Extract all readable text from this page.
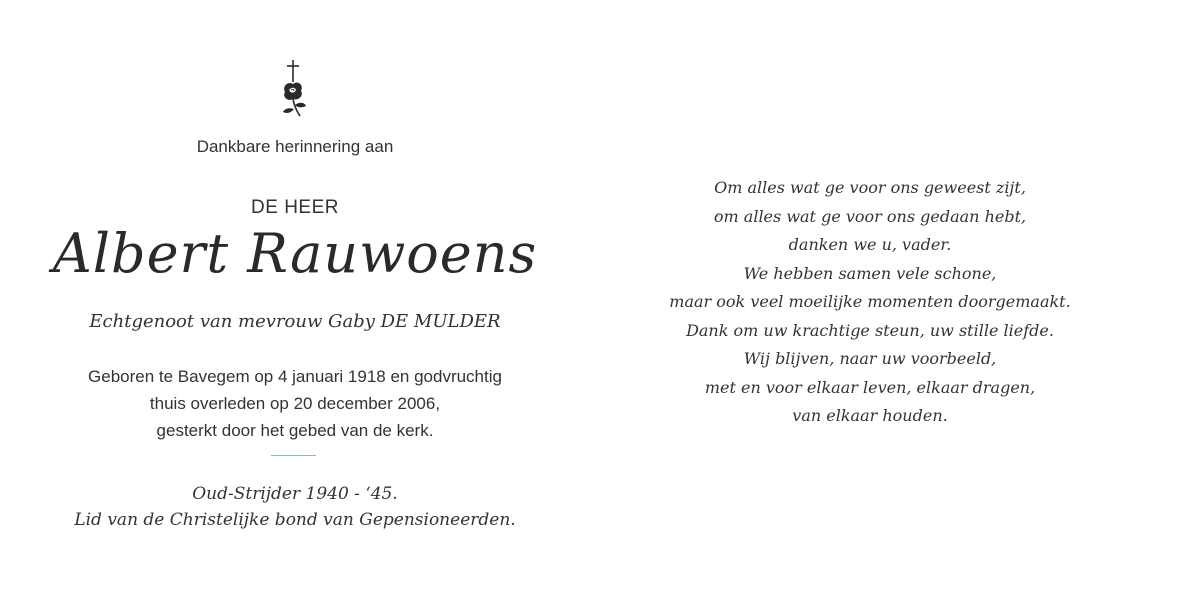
Dankbare herinnering aan
DE HEER
Albert Rauwoens
Echtgenoot van mevrouw Gaby DE MULDER
Geboren te Bavegem op 4 januari 1918 en godvruchtig
thuis overleden op 20 december 2006,
gesterkt door het gebed van de kerk.
Oud-Strijder 1940 - ‘45.
Lid van de Christelijke bond van Gepensioneerden.
Om alles wat ge voor ons geweest zijt,
om alles wat ge voor ons gedaan hebt,
danken we u, vader.
We hebben samen vele schone,
maar ook veel moeilijke momenten doorgemaakt.
Dank om uw krachtige steun, uw stille liefde.
Wij blijven, naar uw voorbeeld,
met en voor elkaar leven, elkaar dragen,
van elkaar houden.
